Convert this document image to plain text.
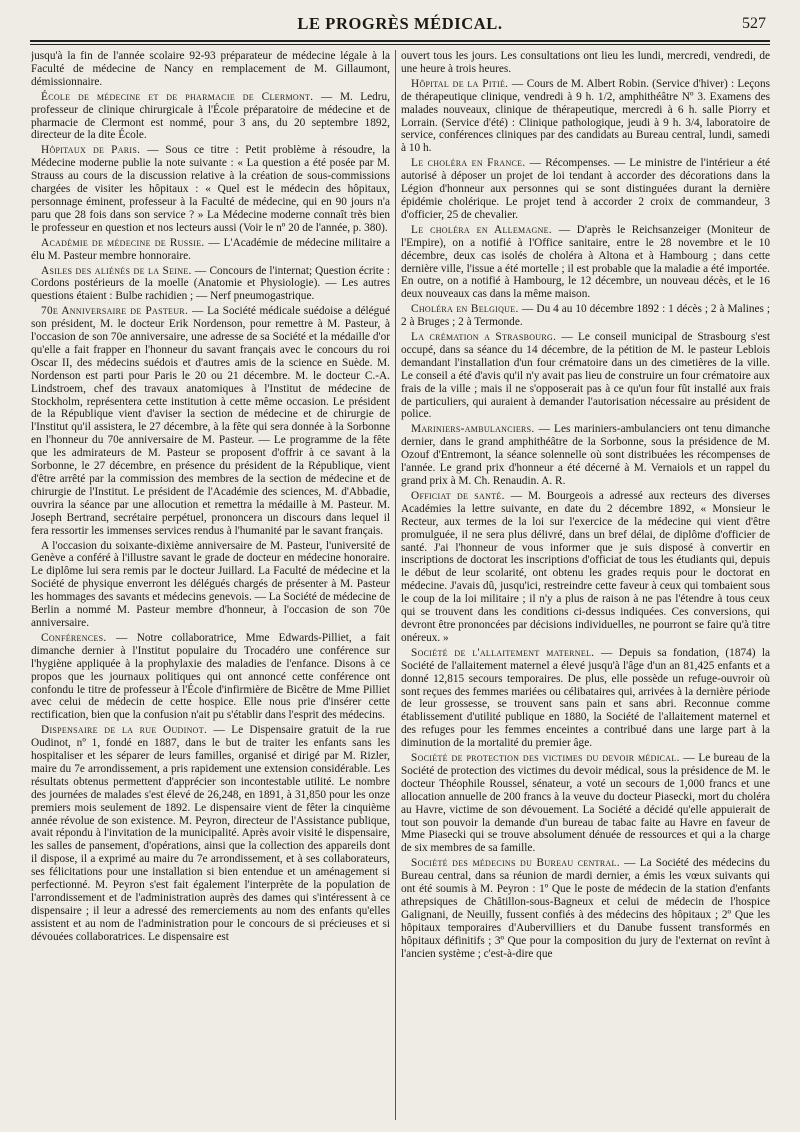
LE PROGRÈS MÉDICAL.	527

jusqu'à la fin de l'année scolaire 92-93 préparateur de médecine légale à la Faculté de médecine de Nancy en remplacement de M. Gillaumont, démissionnaire.

École de médecine et de pharmacie de Clermont. — M. Ledru, professeur de clinique chirurgicale à l'École préparatoire de médecine et de pharmacie de Clermont est nommé, pour 3 ans, du 20 septembre 1892, directeur de la dite École.

Hôpitaux de Paris. — Sous ce titre : Petit problème à résoudre, la Médecine moderne publie la note suivante : « La question a été posée par M. Strauss au cours de la discussion relative à la création de sous-commissions chargées de visiter les hôpitaux : « Quel est le médecin des hôpitaux, personnage éminent, professeur à la Faculté de médecine, qui en 90 jours n'a paru que 28 fois dans son service ? » La Médecine moderne connaît très bien le professeur en question et nos lecteurs aussi (Voir le nº 20 de l'année, p. 380).

Académie de médecine de Russie. — L'Académie de médecine militaire a élu M. Pasteur membre honnoraire.

Asiles des aliénés de la Seine. — Concours de l'internat; Question écrite : Cordons postérieurs de la moelle (Anatomie et Physiologie). — Les autres questions étaient : Bulbe rachidien ; — Nerf pneumogastrique.

70e Anniversaire de Pasteur. — La Société médicale suédoise a délégué son président, M. le docteur Erik Nordenson, pour remettre à M. Pasteur, à l'occasion de son 70e anniversaire, une adresse de sa Société et la médaille d'or qu'elle a fait frapper en l'honneur du savant français avec le concours du roi Oscar II, des médecins suédois et d'autres amis de la science en Suède. M. Nordenson est parti pour Paris le 20 ou 21 décembre. M. le docteur C.-A. Lindstroem, chef des travaux anatomiques à l'Institut de médecine de Stockholm, représentera cette institution à cette même occasion. Le président de la République vient d'aviser la section de médecine et de chirurgie de l'Institut qu'il assistera, le 27 décembre, à la fête qui sera donnée à la Sorbonne en l'honneur du 70e anniversaire de M. Pasteur. — Le programme de la fête que les admirateurs de M. Pasteur se proposent d'offrir à ce savant à la Sorbonne, le 27 décembre, en présence du président de la République, vient d'être arrêté par la commission des membres de la section de médecine et de chirurgie de l'Institut. Le président de l'Académie des sciences, M. d'Abbadie, ouvrira la séance par une allocution et remettra la médaille à M. Pasteur. M. Joseph Bertrand, secrétaire perpétuel, prononcera un discours dans lequel il fera ressortir les immenses services rendus à l'humanité par le savant français.

A l'occasion du soixante-dixième anniversaire de M. Pasteur, l'université de Genève a conféré à l'illustre savant le grade de docteur en médecine honoraire. Le diplôme lui sera remis par le docteur Juillard. La Faculté de médecine et la Société de physique enverront les délégués chargés de présenter à M. Pasteur les hommages des savants et médecins genevois. — La Société de médecine de Berlin a nommé M. Pasteur membre d'honneur, à l'occasion de son 70e anniversaire.

Conférences. — Notre collaboratrice, Mme Edwards-Pilliet, a fait dimanche dernier à l'Institut populaire du Trocadéro une conférence sur l'hygiène appliquée à la prophylaxie des maladies de l'enfance. Disons à ce propos que les journaux politiques qui ont annoncé cette conférence ont confondu le titre de professeur à l'École d'infirmière de Bicêtre de Mme Pilliet avec celui de médecin de cette hospice. Elle nous prie d'insérer cette rectification, bien que la confusion n'ait pu s'établir dans l'esprit des médecins.

Dispensaire de la rue Oudinot. — Le Dispensaire gratuit de la rue Oudinot, nº 1, fondé en 1887, dans le but de traiter les enfants sans les hospitaliser et les séparer de leurs familles, organisé et dirigé par M. Rizler, maire du 7e arrondissement, a pris rapidement une extension considérable. Les résultats obtenus permettent d'apprécier son incontestable utilité. Le nombre des journées de malades s'est élevé de 26,248, en 1891, à 31,850 pour les onze premiers mois seulement de 1892. Le dispensaire vient de fêter la cinquième année révolue de son existence. M. Peyron, directeur de l'Assistance publique, avait répondu à l'invitation de la municipalité. Après avoir visité le dispensaire, les salles de pansement, d'opérations, ainsi que la collection des appareils dont il dispose, il a exprimé au maire du 7e arrondissement, et à ses collaborateurs, ses félicitations pour une installation si bien entendue et un aménagement si perfectionné. M. Peyron s'est fait également l'interprète de la population de l'arrondissement et de l'administration auprès des dames qui s'intéressent à ce dispensaire ; il leur a adressé des remerciements au nom des enfants qu'elles assistent et au nom de l'administration pour le concours de si précieuses et si dévouées collaboratrices. Le dispensaire est

ouvert tous les jours. Les consultations ont lieu les lundi, mercredi, vendredi, de une heure à trois heures.

Hôpital de la Pitié. — Cours de M. Albert Robin. (Service d'hiver) : Leçons de thérapeutique clinique, vendredi à 9 h. 1/2, amphithéâtre Nº 3. Examens des malades nouveaux, clinique de thérapeutique, mercredi à 6 h. salle Piorry et Lorrain. (Service d'été) : Clinique pathologique, jeudi à 9 h. 3/4, laboratoire de service, conférences cliniques par des candidats au Bureau central, lundi, samedi à 10 h.

Le choléra en France. — Récompenses. — Le ministre de l'intérieur a été autorisé à déposer un projet de loi tendant à accorder des décorations dans la Légion d'honneur aux personnes qui se sont distinguées durant la dernière épidémie cholérique. Le projet tend à accorder 2 croix de commandeur, 3 d'officier, 25 de chevalier.

Le choléra en Allemagne. — D'après le Reichsanzeiger (Moniteur de l'Empire), on a notifié à l'Office sanitaire, entre le 28 novembre et le 10 décembre, deux cas isolés de choléra à Altona et à Hambourg ; dans cette dernière ville, l'issue a été mortelle ; il est probable que la maladie a été importée. En outre, on a notifié à Hambourg, le 12 décembre, un nouveau décès, et le 16 deux nouveaux cas dans la même maison.

Choléra en Belgique. — Du 4 au 10 décembre 1892 : 1 décès ; 2 à Malines ; 2 à Bruges ; 2 à Termonde.

La crémation a Strasbourg. — Le conseil municipal de Strasbourg s'est occupé, dans sa séance du 14 décembre, de la pétition de M. le pasteur Leblois demandant l'installation d'un four crématoire dans un des cimetières de la ville. Le conseil a été d'avis qu'il n'y avait pas lieu de construire un four crématoire aux frais de la ville ; mais il ne s'opposerait pas à ce qu'un four fût installé aux frais de particuliers, qui auraient à demander l'autorisation nécessaire au président de police.

Mariniers-ambulanciers. — Les mariniers-ambulanciers ont tenu dimanche dernier, dans le grand amphithéâtre de la Sorbonne, sous la présidence de M. Ozouf d'Entremont, la séance solennelle où sont distribuées les récompenses de l'année. Le grand prix d'honneur a été décerné à M. Vernaiols et un rappel du grand prix à M. Ch. Renaudin. A. R.

Officiat de santé. — M. Bourgeois a adressé aux recteurs des diverses Académies la lettre suivante, en date du 2 décembre 1892, « Monsieur le Recteur, aux termes de la loi sur l'exercice de la médecine qui vient d'être promulguée, il ne sera plus délivré, dans un bref délai, de diplôme d'officier de santé. J'ai l'honneur de vous informer que je suis disposé à convertir en inscriptions de doctorat les inscriptions d'officiat de tous les étudiants qui, depuis le début de leur scolarité, ont obtenu les grades requis pour le doctorat en médecine. J'avais dû, jusqu'ici, restreindre cette faveur à ceux qui tombaient sous le coup de la loi militaire ; il n'y a plus de raison à ne pas l'étendre à tous ceux qui se trouvent dans les conditions ci-dessus indiquées. Ces conversions, qui devront être prononcées par décisions individuelles, ne pourront se faire qu'à titre onéreux. »

Société de l'allaitement maternel. — Depuis sa fondation, (1874) la Société de l'allaitement maternel a élevé jusqu'à l'âge d'un an 81,425 enfants et a donné 12,815 secours temporaires. De plus, elle possède un refuge-ouvroir où sont reçues des femmes mariées ou célibataires qui, arrivées à la dernière période de leur grossesse, se trouvent sans pain et sans abri. Reconnue comme établissement d'utilité publique en 1880, la Société de l'allaitement maternel et des refuges pour les femmes enceintes a contribué dans une large part à la diminution de la mortalité du premier âge.

Société de protection des victimes du devoir médical. — Le bureau de la Société de protection des victimes du devoir médical, sous la présidence de M. le docteur Théophile Roussel, sénateur, a voté un secours de 1,000 francs et une allocation annuelle de 200 francs à la veuve du docteur Piasecki, mort du choléra au Havre, victime de son dévouement. La Société a décidé qu'elle appuierait de tout son pouvoir la demande d'un bureau de tabac faite au Havre en faveur de Mme Piasecki qui se trouve absolument dénuée de ressources et qui a la charge de six membres de sa famille.

Société des médecins du Bureau central. — La Société des médecins du Bureau central, dans sa réunion de mardi dernier, a émis les vœux suivants qui ont été soumis à M. Peyron : 1º Que le poste de médecin de la station d'enfants athrepsiques de Châtillon-sous-Bagneux et celui de médecin de l'hospice Galignani, de Neuilly, fussent confiés à des médecins des hôpitaux ; 2º Que les hôpitaux temporaires d'Aubervilliers et du Danube fussent transformés en hôpitaux définitifs ; 3º Que pour la composition du jury de l'externat on revînt à l'ancien système ; c'est-à-dire que
